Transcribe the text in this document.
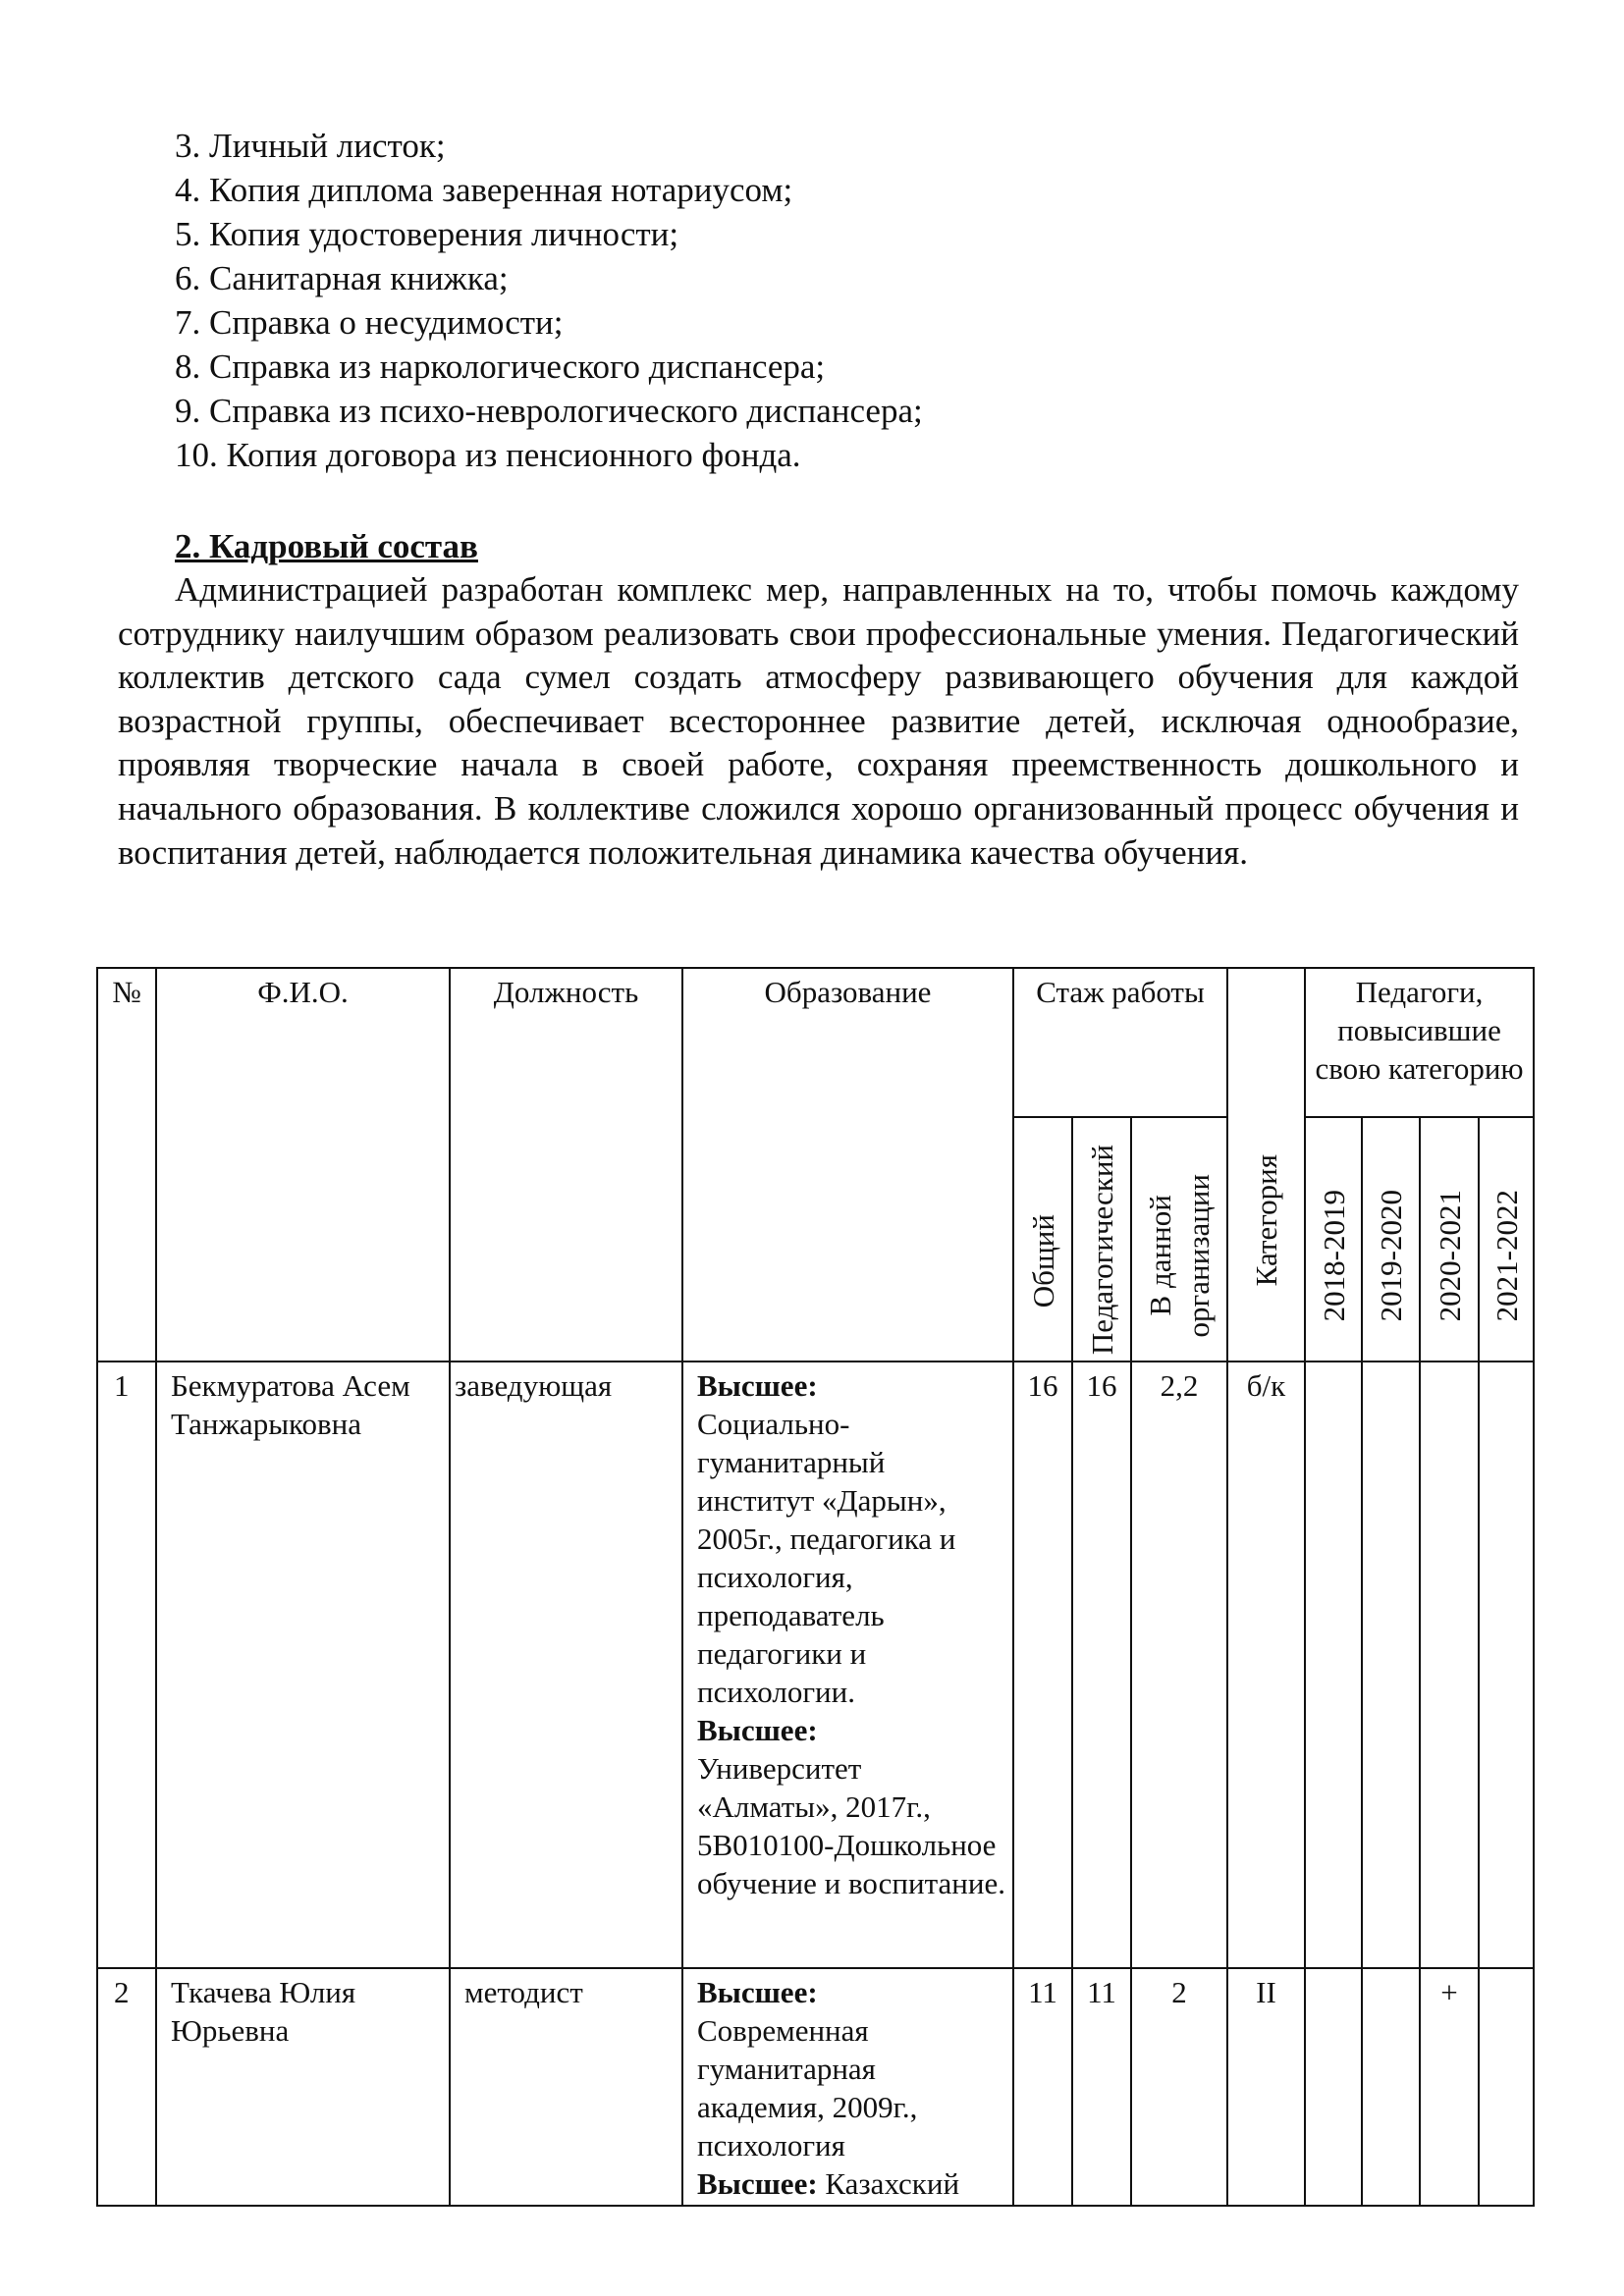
3. Личный листок;
4. Копия диплома заверенная нотариусом;
5. Копия удостоверения личности;
6. Санитарная книжка;
7. Справка о несудимости;
8. Справка из наркологического диспансера;
9. Справка из психо-неврологического диспансера;
10. Копия договора из пенсионного фонда.
2. Кадровый состав

Администрацией разработан комплекс мер, направленных на то, чтобы помочь каждому сотруднику наилучшим образом реализовать свои профессиональные умения. Педагогический коллектив детского сада сумел создать атмосферу развивающего обучения для каждой возрастной группы, обеспечивает всестороннее развитие детей, исключая однообразие, проявляя творческие начала в своей работе, сохраняя преемственность дошкольного и начального образования. В коллективе сложился хорошо организованный процесс обучения и воспитания детей, наблюдается положительная динамика качества обучения.

№	Ф.И.О.	Должность	Образование	Стаж работы			Категория	Педагоги, повысившие свою категорию			

				Общий	Педагогический	В данной организации		2018-2019	2019-2020	2020-2021	2021-2022

1	Бекмуратова Асем Танжарыковна	заведующая	Высшее:
Социально-гуманитарный институт «Дарын», 2005г., педагогика и психология, преподаватель педагогики и психологии.
Высшее:
Университет «Алматы», 2017г., 5В010100-Дошкольное обучение и воспитание.	16	16	2,2	б/к				
2	Ткачева Юлия Юрьевна	методист	Высшее:
Современная гуманитарная академия, 2009г., психология
Высшее: Казахский	11	11	2	II			+	
